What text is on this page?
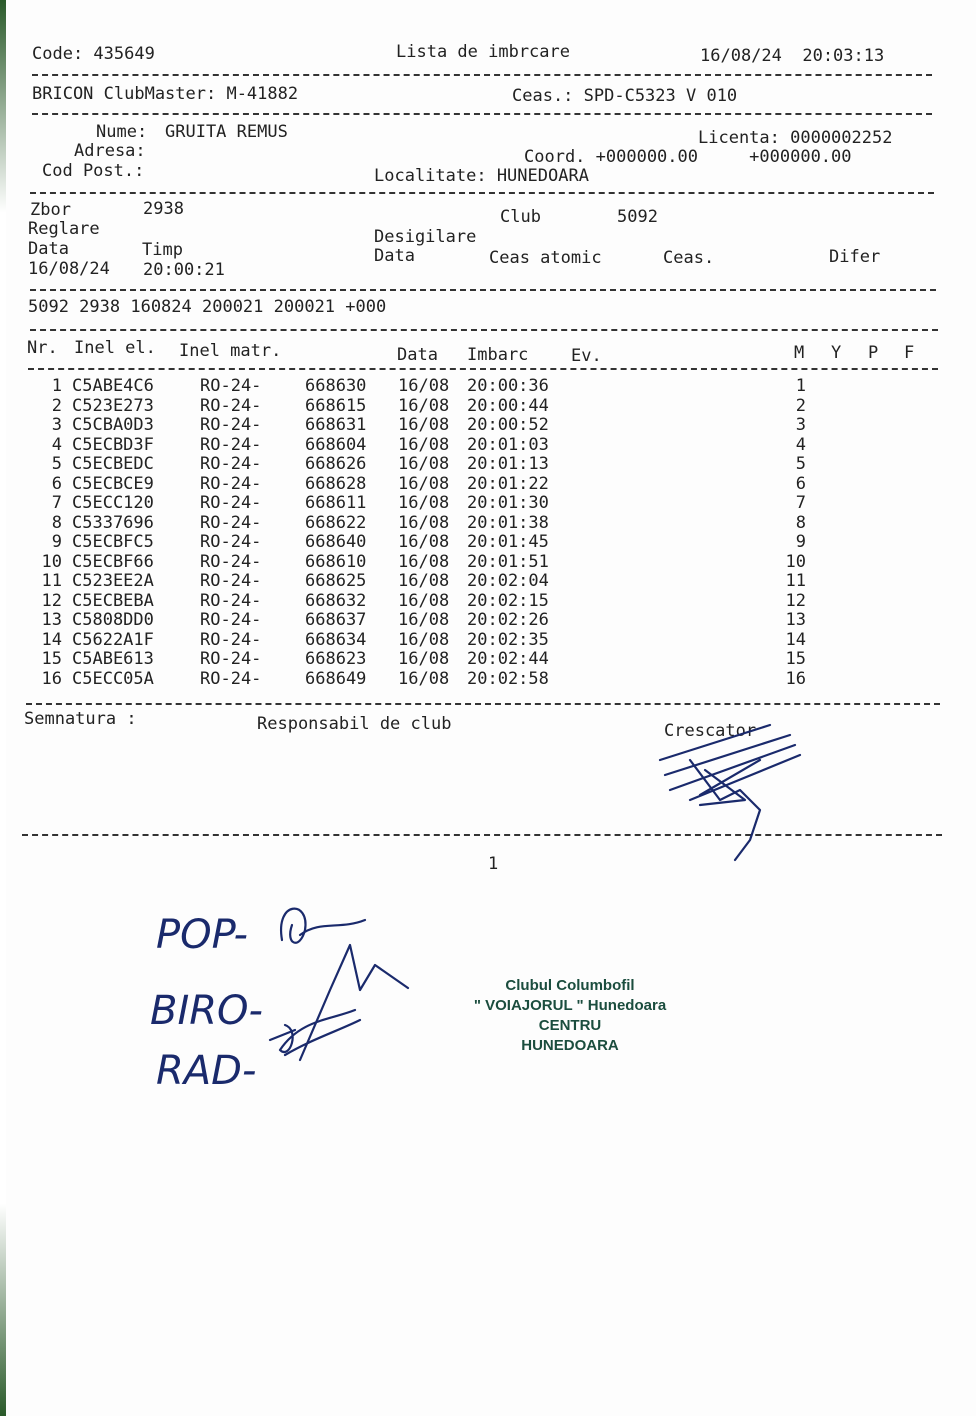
Code: 435649	Lista de imbrcare	16/08/24  20:03:13
BRICON ClubMaster: M-41882	Ceas.: SPD-C5323 V 010
Nume: GRUITA REMUS
Adresa:
Cod Post.:
Licenta: 0000002252
Coord. +000000.00     +000000.00
Localitate: HUNEDOARA
Zbor	2938	Club	5092
Reglare	Desigilare
Data	Timp	Data	Ceas atomic	Ceas.	Difer
16/08/24 20:00:21
5092 2938 160824 200021 200021 +000
Nr. Inel el. Inel matr.	Data Imbarc	Ev.	M Y P F
1 C5ABE4C6	RO-24-	668630 16/08 20:00:36	1
2 C523E273	RO-24-	668615 16/08 20:00:44	2
3 C5CBA0D3	RO-24-	668631 16/08 20:00:52	3
4 C5ECBD3F	RO-24-	668604 16/08 20:01:03	4
5 C5ECBEDC	RO-24-	668626 16/08 20:01:13	5
6 C5ECBCE9	RO-24-	668628 16/08 20:01:22	6
7 C5ECC120	RO-24-	668611 16/08 20:01:30	7
8 C5337696	RO-24-	668622 16/08 20:01:38	8
9 C5ECBFC5	RO-24-	668640 16/08 20:01:45	9
10 C5ECBF66	RO-24-	668610 16/08 20:01:51	10
11 C523EE2A	RO-24-	668625 16/08 20:02:04	11
12 C5ECBEBA	RO-24-	668632 16/08 20:02:15	12
13 C5808DD0	RO-24-	668637 16/08 20:02:26	13
14 C5622A1F	RO-24-	668634 16/08 20:02:35	14
15 C5ABE613	RO-24-	668623 16/08 20:02:44	15
16 C5ECC05A	RO-24-	668649 16/08 20:02:58	16
Semnatura :	Responsabil de club	Crescator
1
POP-
BIRO-
RAD-
Clubul Columbofil
" VOIAJORUL " Hunedoara
CENTRU
HUNEDOARA
